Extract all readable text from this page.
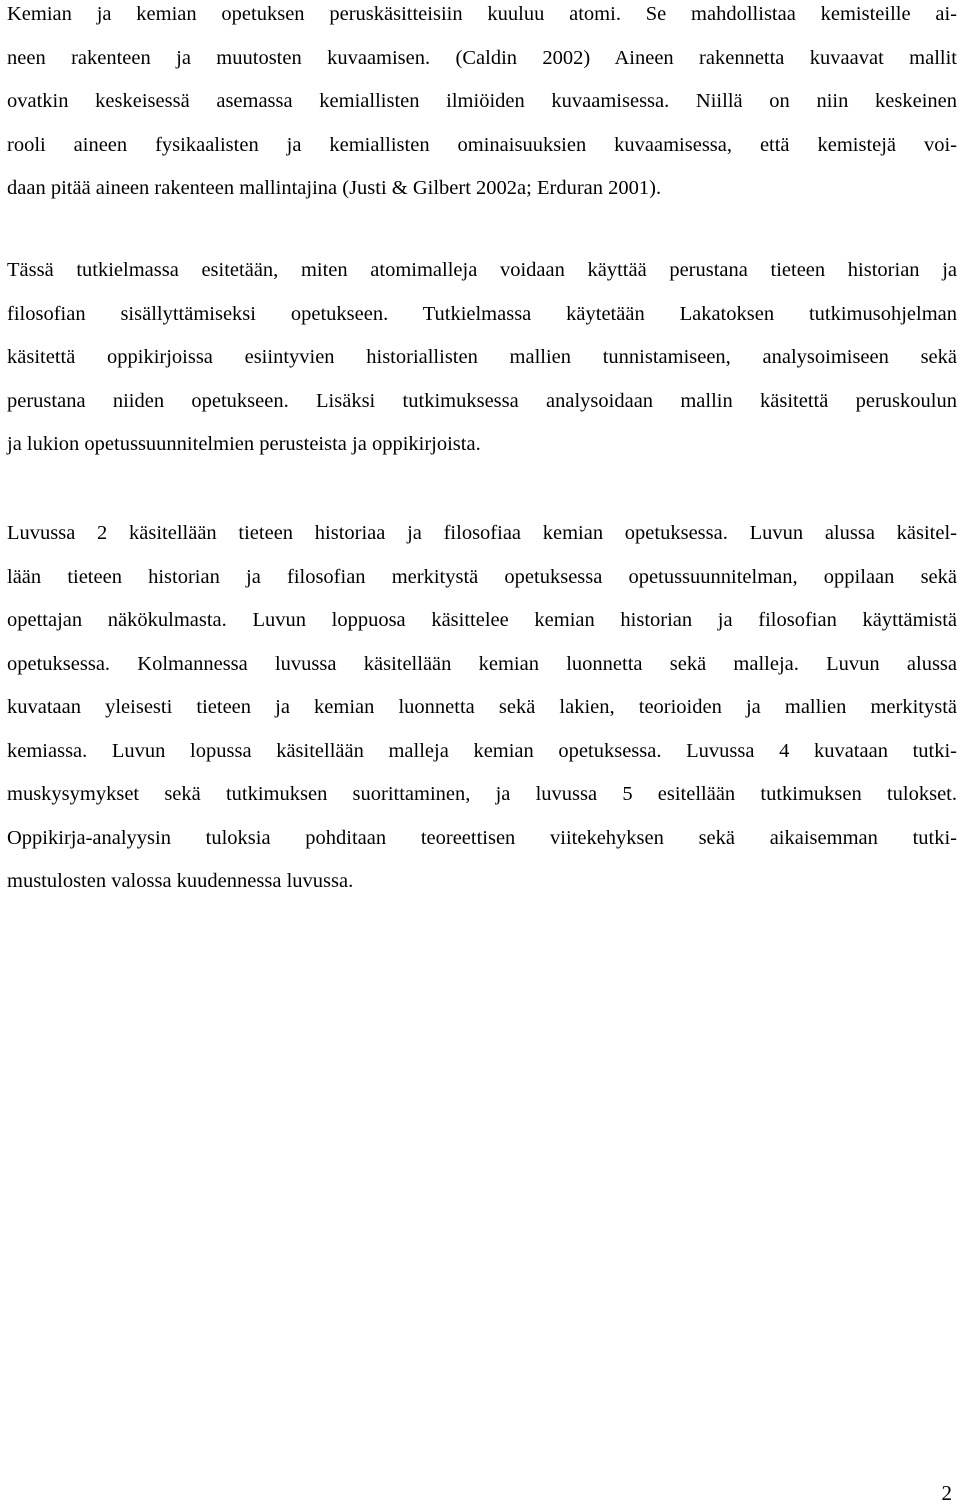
Kemian ja kemian opetuksen peruskäsitteisiin kuuluu atomi. Se mahdollistaa kemisteille ai-
neen rakenteen ja muutosten kuvaamisen. (Caldin 2002) Aineen rakennetta kuvaavat mallit
ovatkin keskeisessä asemassa kemiallisten ilmiöiden kuvaamisessa. Niillä on niin keskeinen
rooli aineen fysikaalisten ja kemiallisten ominaisuuksien kuvaamisessa, että kemistejä voi-
daan pitää aineen rakenteen mallintajina (Justi & Gilbert 2002a; Erduran 2001).
Tässä tutkielmassa esitetään, miten atomimalleja voidaan käyttää perustana tieteen historian ja
filosofian sisällyttämiseksi opetukseen. Tutkielmassa käytetään Lakatoksen tutkimusohjelman
käsitettä oppikirjoissa esiintyvien historiallisten mallien tunnistamiseen, analysoimiseen sekä
perustana niiden opetukseen. Lisäksi tutkimuksessa analysoidaan mallin käsitettä peruskoulun
ja lukion opetussuunnitelmien perusteista ja oppikirjoista.
Luvussa 2 käsitellään tieteen historiaa ja filosofiaa kemian opetuksessa. Luvun alussa käsitel-
lään tieteen historian ja filosofian merkitystä opetuksessa opetussuunnitelman, oppilaan sekä
opettajan näkökulmasta. Luvun loppuosa käsittelee kemian historian ja filosofian käyttämistä
opetuksessa. Kolmannessa luvussa käsitellään kemian luonnetta sekä malleja. Luvun alussa
kuvataan yleisesti tieteen ja kemian luonnetta sekä lakien, teorioiden ja mallien merkitystä
kemiassa. Luvun lopussa käsitellään malleja kemian opetuksessa. Luvussa 4 kuvataan tutki-
muskysymykset sekä tutkimuksen suorittaminen, ja luvussa 5 esitellään tutkimuksen tulokset.
Oppikirja-analyysin tuloksia pohditaan teoreettisen viitekehyksen sekä aikaisemman tutki-
mustulosten valossa kuudennessa luvussa.
2
